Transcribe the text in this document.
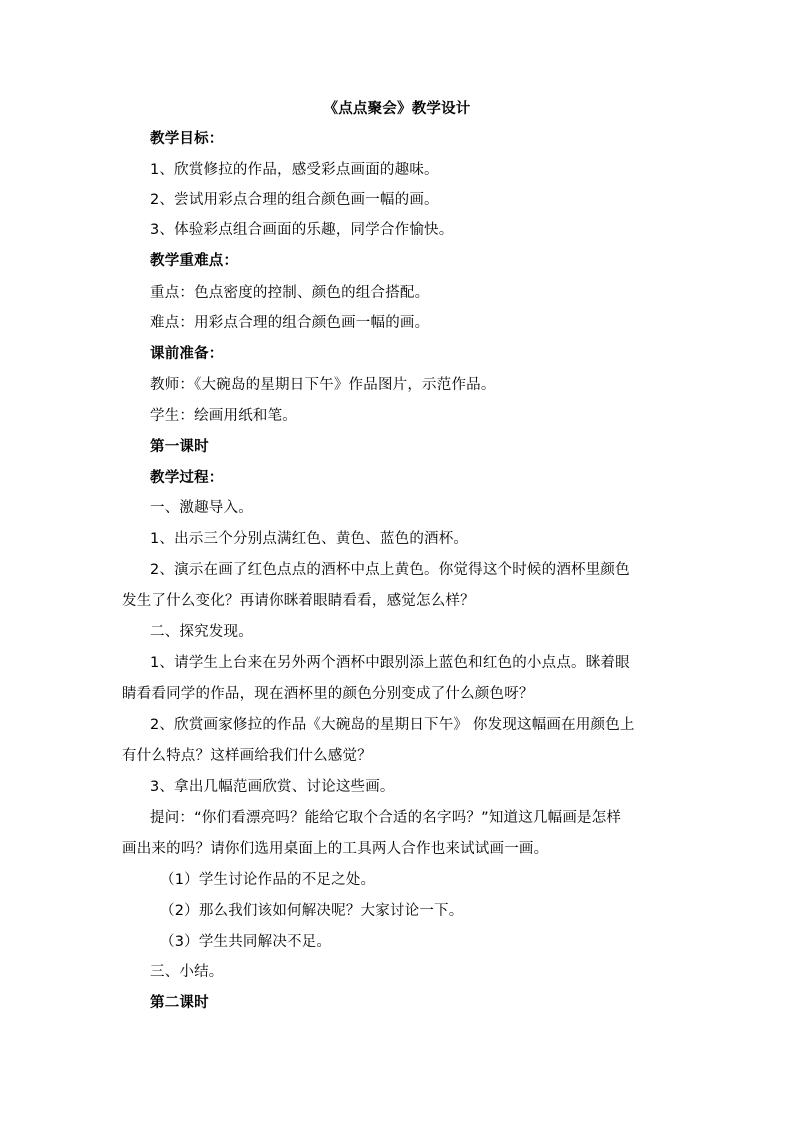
《点点聚会》教学设计
教学目标：
1、欣赏修拉的作品，感受彩点画面的趣味。
2、尝试用彩点合理的组合颜色画一幅的画。
3、体验彩点组合画面的乐趣，同学合作愉快。
教学重难点：
重点：色点密度的控制、颜色的组合搭配。
难点：用彩点合理的组合颜色画一幅的画。
课前准备：
教师：《大碗岛的星期日下午》作品图片，示范作品。
学生：绘画用纸和笔。
第一课时
教学过程：
一、激趣导入。
1、出示三个分别点满红色、黄色、蓝色的酒杯。
2、演示在画了红色点点的酒杯中点上黄色。你觉得这个时候的酒杯里颜色
发生了什么变化？再请你眯着眼睛看看，感觉怎么样？
二、探究发现。
1、请学生上台来在另外两个酒杯中跟别添上蓝色和红色的小点点。眯着眼
睛看看同学的作品，现在酒杯里的颜色分别变成了什么颜色呀？
2、欣赏画家修拉的作品《大碗岛的星期日下午》 你发现这幅画在用颜色上
有什么特点？这样画给我们什么感觉？
3、拿出几幅范画欣赏、讨论这些画。
提问：“你们看漂亮吗？能给它取个合适的名字吗？”知道这几幅画是怎样
画出来的吗？请你们选用桌面上的工具两人合作也来试试画一画。
（1）学生讨论作品的不足之处。
（2）那么我们该如何解决呢？大家讨论一下。
（3）学生共同解决不足。
三、小结。
第二课时
